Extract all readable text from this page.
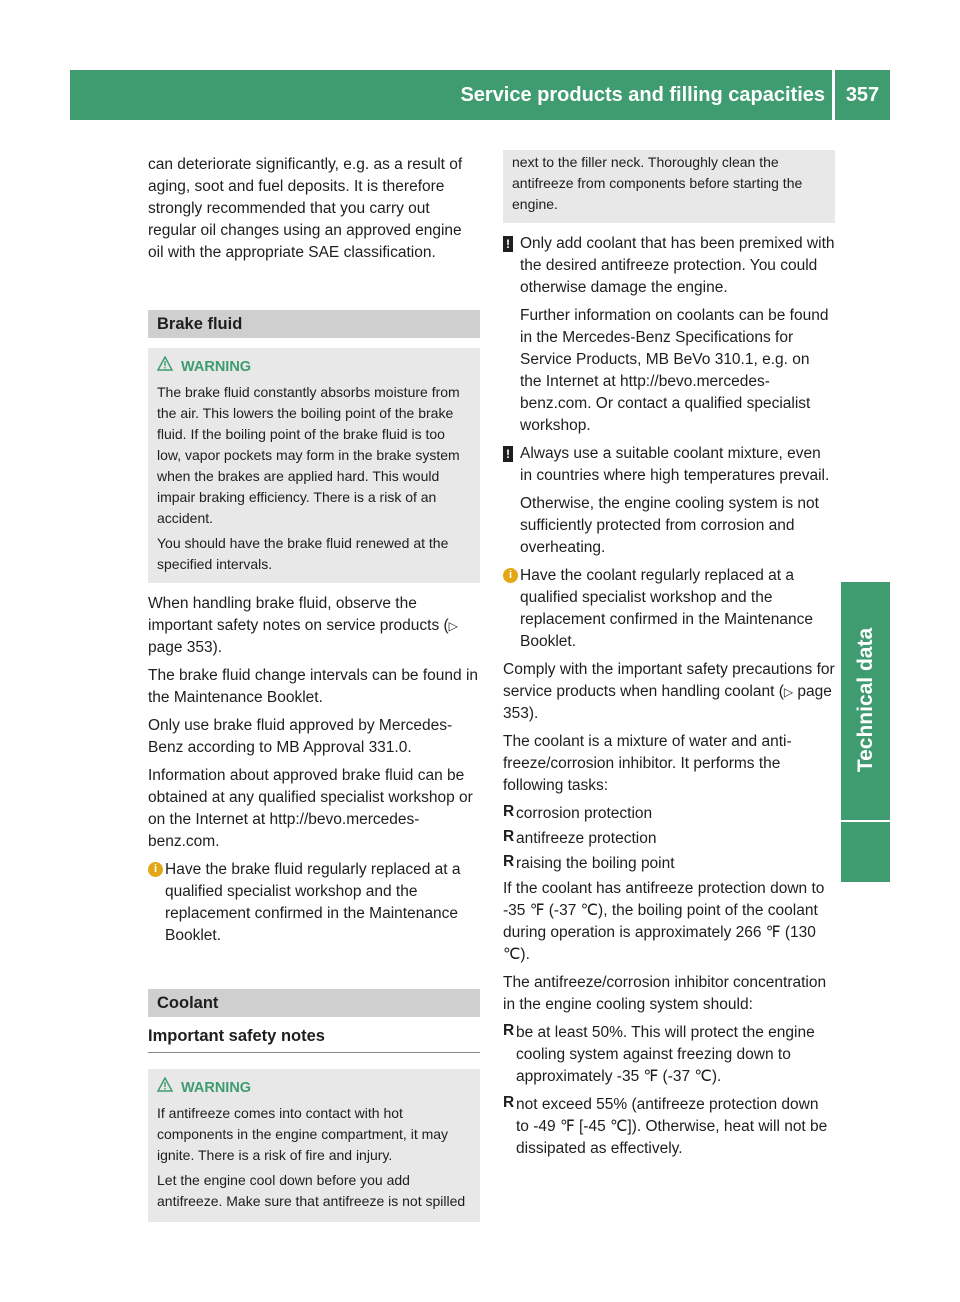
Service products and filling capacities	357
Technical data

can deteriorate significantly, e.g. as a result of aging, soot and fuel deposits. It is therefore strongly recommended that you carry out regular oil changes using an approved engine oil with the appropriate SAE classification.

Brake fluid
WARNING

The brake fluid constantly absorbs moisture from the air. This lowers the boiling point of the brake fluid. If the boiling point of the brake fluid is too low, vapor pockets may form in the brake system when the brakes are applied hard. This would impair braking efficiency. There is a risk of an accident.

You should have the brake fluid renewed at the specified intervals.

When handling brake fluid, observe the important safety notes on service products (▷ page 353).

The brake fluid change intervals can be found in the Maintenance Booklet.

Only use brake fluid approved by Mercedes-Benz according to MB Approval 331.0.

Information about approved brake fluid can be obtained at any qualified specialist workshop or on the Internet at http://bevo.mercedes-benz.com.

i Have the brake fluid regularly replaced at a qualified specialist workshop and the replacement confirmed in the Maintenance Booklet.

Coolant
Important safety notes
WARNING

If antifreeze comes into contact with hot components in the engine compartment, it may ignite. There is a risk of fire and injury.

Let the engine cool down before you add antifreeze. Make sure that antifreeze is not spilled

next to the filler neck. Thoroughly clean the antifreeze from components before starting the engine.

! Only add coolant that has been premixed with the desired antifreeze protection. You could otherwise damage the engine.

Further information on coolants can be found in the Mercedes-Benz Specifications for Service Products, MB BeVo 310.1, e.g. on the Internet at http://bevo.mercedes-benz.com. Or contact a qualified specialist workshop.

! Always use a suitable coolant mixture, even in countries where high temperatures prevail.

Otherwise, the engine cooling system is not sufficiently protected from corrosion and overheating.

i Have the coolant regularly replaced at a qualified specialist workshop and the replacement confirmed in the Maintenance Booklet.

Comply with the important safety precautions for service products when handling coolant (▷ page 353).

The coolant is a mixture of water and anti-freeze/corrosion inhibitor. It performs the following tasks:

R corrosion protection

R antifreeze protection

R raising the boiling point

If the coolant has antifreeze protection down to -35 ℉ (-37 ℃), the boiling point of the coolant during operation is approximately 266 ℉ (130 ℃).

The antifreeze/corrosion inhibitor concentration in the engine cooling system should:

R be at least 50%. This will protect the engine cooling system against freezing down to approximately -35 ℉ (-37 ℃).

R not exceed 55% (antifreeze protection down to -49 ℉ [-45 ℃]). Otherwise, heat will not be dissipated as effectively.
